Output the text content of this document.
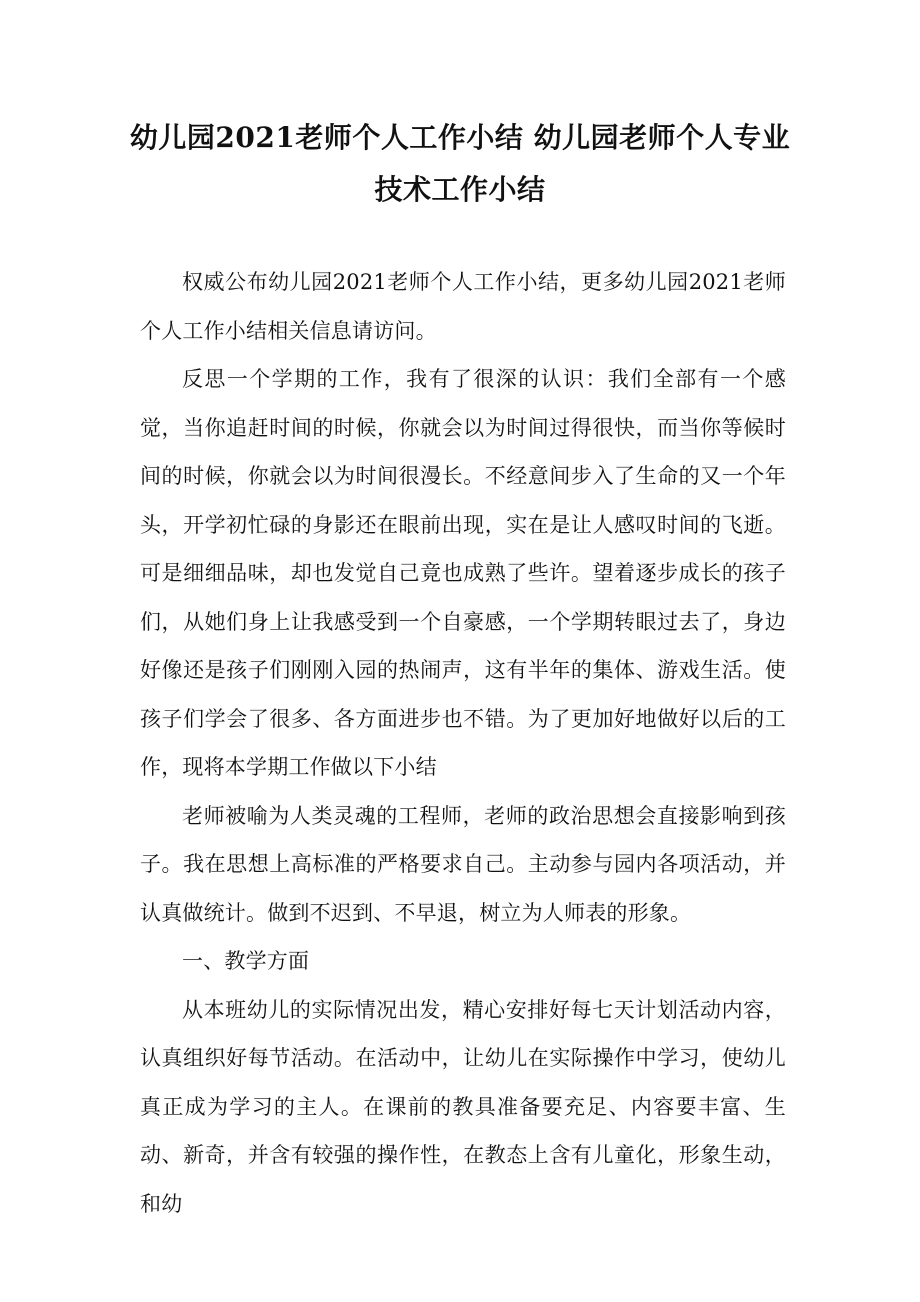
幼儿园2021老师个人工作小结 幼儿园老师个人专业
技术工作小结

权威公布幼儿园2021老师个人工作小结，更多幼儿园2021老师个人工作小结相关信息请访问。

反思一个学期的工作，我有了很深的认识：我们全部有一个感觉，当你追赶时间的时候，你就会以为时间过得很快，而当你等候时间的时候，你就会以为时间很漫长。不经意间步入了生命的又一个年头，开学初忙碌的身影还在眼前出现，实在是让人感叹时间的飞逝。可是细细品味，却也发觉自己竟也成熟了些许。望着逐步成长的孩子们，从她们身上让我感受到一个自豪感，一个学期转眼过去了，身边好像还是孩子们刚刚入园的热闹声，这有半年的集体、游戏生活。使孩子们学会了很多、各方面进步也不错。为了更加好地做好以后的工作，现将本学期工作做以下小结

老师被喻为人类灵魂的工程师，老师的政治思想会直接影响到孩子。我在思想上高标准的严格要求自己。主动参与园内各项活动，并认真做统计。做到不迟到、不早退，树立为人师表的形象。

一、教学方面

从本班幼儿的实际情况出发，精心安排好每七天计划活动内容，认真组织好每节活动。在活动中，让幼儿在实际操作中学习，使幼儿真正成为学习的主人。在课前的教具准备要充足、内容要丰富、生动、新奇，并含有较强的操作性，在教态上含有儿童化，形象生动，和幼
